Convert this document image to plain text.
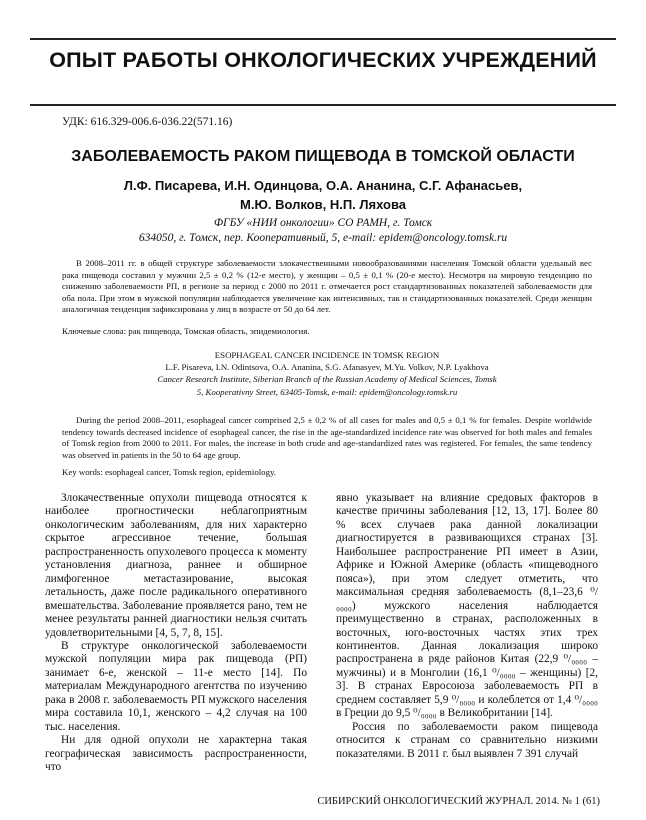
ОПЫТ РАБОТЫ ОНКОЛОГИЧЕСКИХ УЧРЕЖДЕНИЙ
УДК: 616.329-006.6-036.22(571.16)
ЗАБОЛЕВАЕМОСТЬ РАКОМ ПИЩЕВОДА В ТОМСКОЙ ОБЛАСТИ
Л.Ф. Писарева, И.Н. Одинцова, О.А. Ананина, С.Г. Афанасьев,
М.Ю. Волков, Н.П. Ляхова
ФГБУ «НИИ онкологии» СО РАМН, г. Томск
634050, г. Томск, пер. Кооперативный, 5, e-mail: epidem@oncology.tomsk.ru

В 2008–2011 гг. в общей структуре заболеваемости злокачественными новообразованиями населения Томской области удельный вес рака пищевода составил у мужчин 2,5 ± 0,2 % (12-е место), у женщин – 0,5 ± 0,1 % (20-е место). Несмотря на мировую тенденцию по снижению заболеваемости РП, в регионе за период с 2000 по 2011 г. отмечается рост стандартизованных показателей заболеваемости для оба пола. При этом в мужской популяции наблюдается увеличение как интенсивных, так и стандартизованных показателей. Среди женщин аналогичная тенденция зафиксирована у лиц в возрасте от 50 до 64 лет.

Ключевые слова: рак пищевода, Томская область, эпидемиология.
ESOPHAGEAL CANCER INCIDENCE IN TOMSK REGION
L.F. Pisareva, I.N. Odintsova, O.A. Ananina, S.G. Afanasyev, M.Yu. Volkov, N.P. Lyakhova
Cancer Research Institute, Siberian Branch of the Russian Academy of Medical Sciences, Tomsk
5, Kooperativny Street, 63405-Tomsk, e-mail: epidem@oncology.tomsk.ru

During the period 2008–2011, esophageal cancer comprised 2,5 ± 0,2 % of all cases for males and 0,5 ± 0,1 % for females. Despite worldwide tendency towards decreased incidence of esophageal cancer, the rise in the age-standardized incidence rate was observed for both males and females of Tomsk region from 2000 to 2011. For males, the increase in both crude and age-standardized rates was registered. For females, the same tendency was observed in patients in the 50 to 64 age group.

Key words: esophageal cancer, Tomsk region, epidemiology.

Злокачественные опухоли пищевода относятся к наиболее прогностически неблагоприятным онкологическим заболеваниям, для них характерно скрытое агрессивное течение, большая распространенность опухолевого процесса к моменту установления диагноза, раннее и обширное лимфогенное метастазирование, высокая летальность, даже после радикального оперативного вмешательства. Заболевание проявляется рано, тем не менее результаты ранней диагностики нельзя считать удовлетворительными [4, 5, 7, 8, 15].

В структуре онкологической заболеваемости мужской популяции мира рак пищевода (РП) занимает 6-е, женской – 11-е место [14]. По материалам Международного агентства по изучению рака в 2008 г. заболеваемость РП мужского населения мира составила 10,1, женского – 4,2 случая на 100 тыс. населения.

Ни для одной опухоли не характерна такая географическая зависимость распространенности, что

явно указывает на влияние средовых факторов в качестве причины заболевания [12, 13, 17]. Более 80 % всех случаев рака данной локализации диагностируется в развивающихся странах [3]. Наибольшее распространение РП имеет в Азии, Африке и Южной Америке (область «пищеводного пояса»), при этом следует отметить, что максимальная средняя заболеваемость (8,1–23,6 ⁰/₀₀₀₀) мужского населения наблюдается преимущественно в странах, расположенных в восточных, юго-восточных частях этих трех континентов. Данная локализация широко распространена в ряде районов Китая (22,9 ⁰/₀₀₀₀ – мужчины) и в Монголии (16,1 ⁰/₀₀₀₀ – женщины) [2, 3]. В странах Евросоюза заболеваемость РП в среднем составляет 5,9 ⁰/₀₀₀₀ и колеблется от 1,4 ⁰/₀₀₀₀ в Греции до 9,5 ⁰/₀₀₀₀ в Великобритании [14].

Россия по заболеваемости раком пищевода относится к странам со сравнительно низкими показателями. В 2011 г. был выявлен 7 391 случай

СИБИРСКИЙ ОНКОЛОГИЧЕСКИЙ ЖУРНАЛ. 2014. № 1 (61)
